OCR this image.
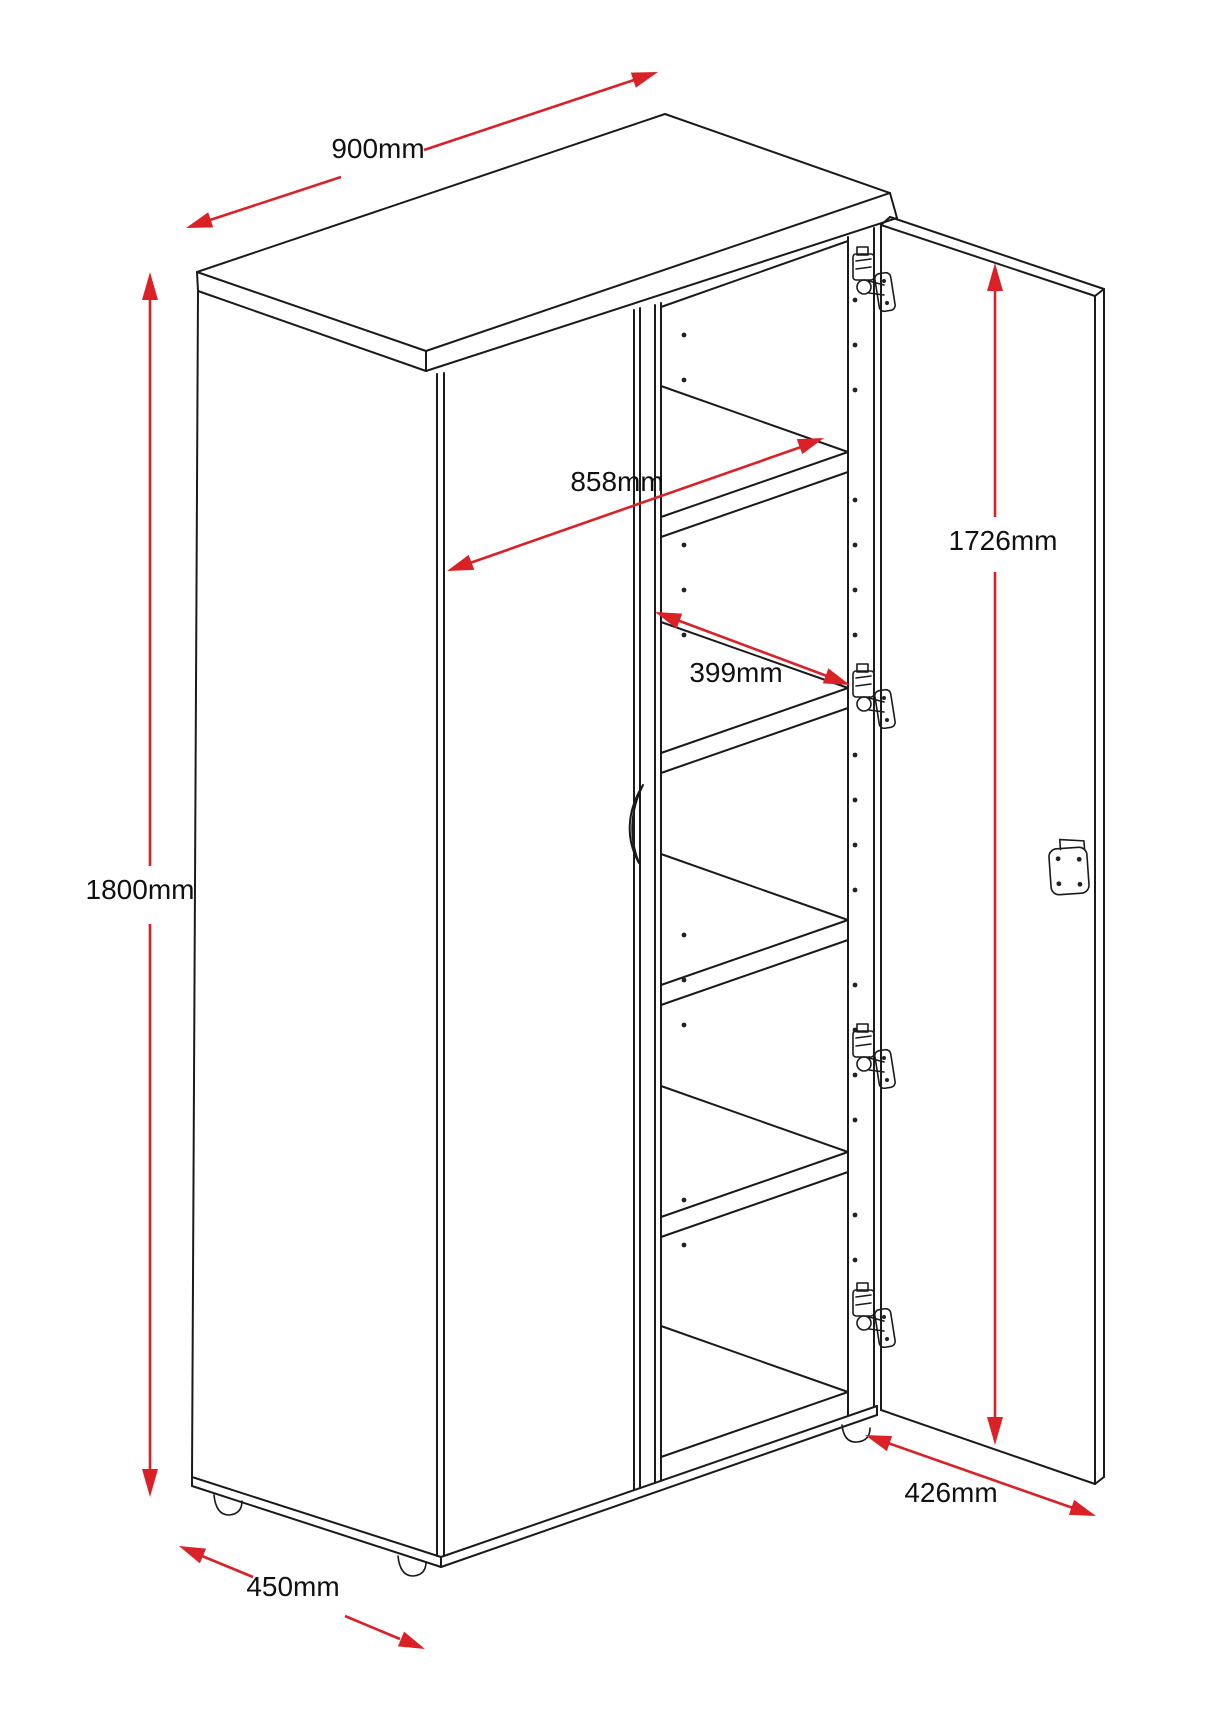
900mm
858mm
399mm
1726mm
1800mm
426mm
450mm
